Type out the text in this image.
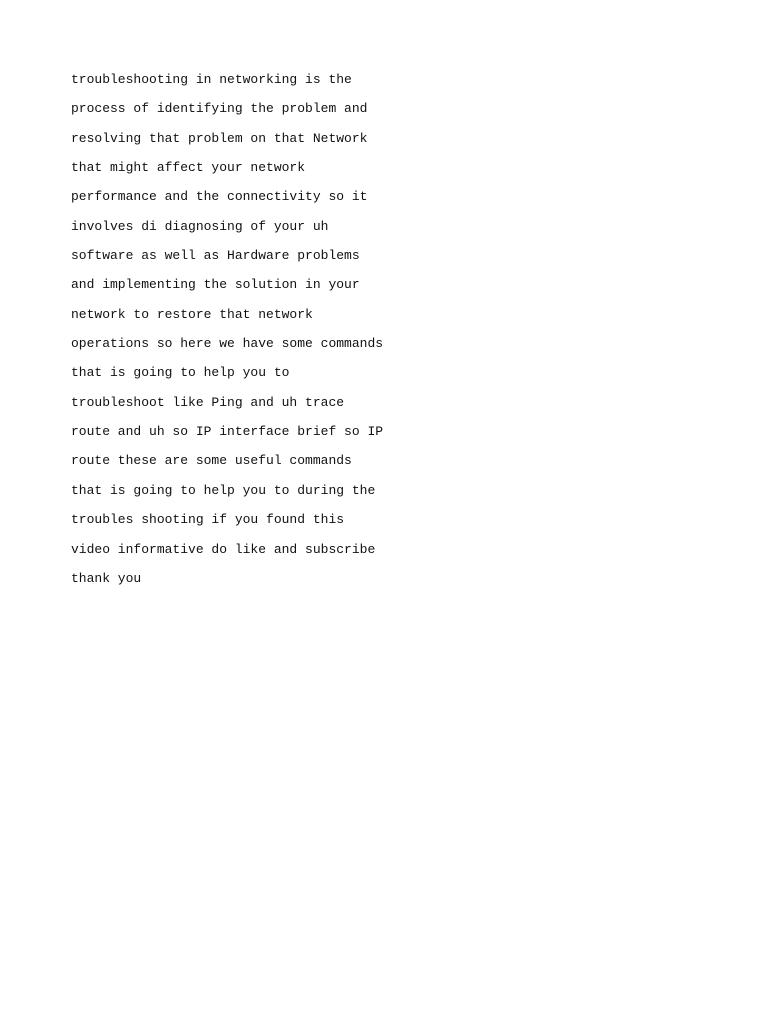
troubleshooting in networking is the
process of identifying the problem and
resolving that problem on that Network
that might affect your network
performance and the connectivity so it
involves di diagnosing of your uh
software as well as Hardware problems
and implementing the solution in your
network to restore that network
operations so here we have some commands
that is going to help you to
troubleshoot like Ping and uh trace
route and uh so IP interface brief so IP
route these are some useful commands
that is going to help you to during the
troubles shooting if you found this
video informative do like and subscribe
thank you
